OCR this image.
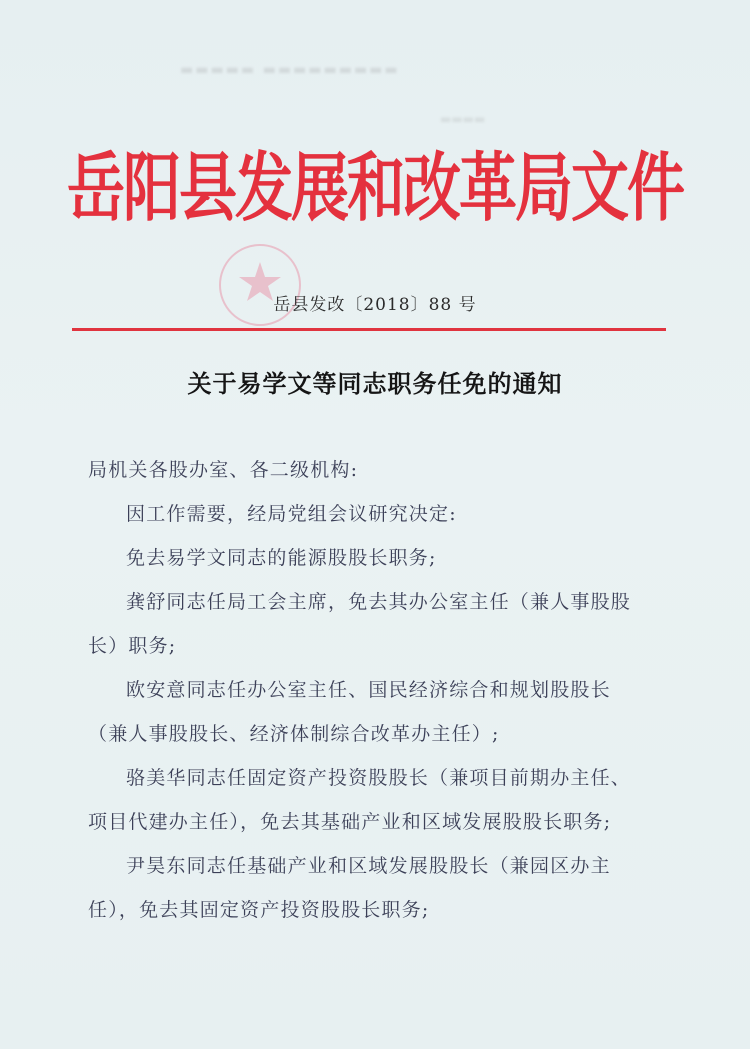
▬▬▬▬▬ ▬▬▬▬▬▬▬▬▬
▬▬▬▬
岳阳县发展和改革局文件
岳县发改〔2018〕88 号
关于易学文等同志职务任免的通知
局机关各股办室、各二级机构:
因工作需要，经局党组会议研究决定:
免去易学文同志的能源股股长职务;
龚舒同志任局工会主席，免去其办公室主任（兼人事股股
长）职务;
欧安意同志任办公室主任、国民经济综合和规划股股长
（兼人事股股长、经济体制综合改革办主任）;
骆美华同志任固定资产投资股股长（兼项目前期办主任、
项目代建办主任），免去其基础产业和区域发展股股长职务;
尹昊东同志任基础产业和区域发展股股长（兼园区办主
任），免去其固定资产投资股股长职务;
